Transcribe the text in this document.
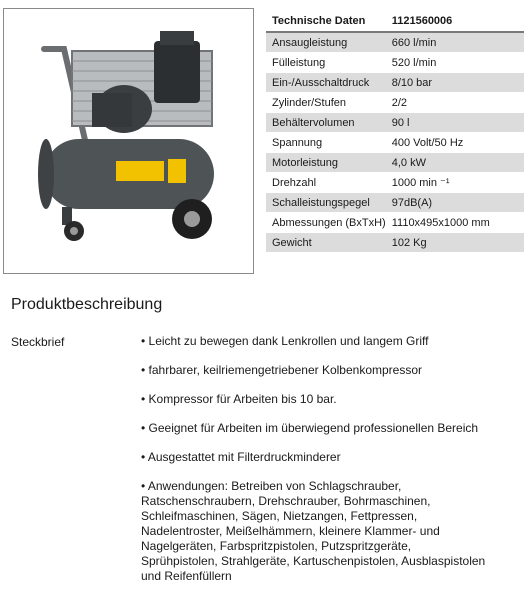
Technische Daten	1121560006
Ansaugleistung	660 l/min
Fülleistung	520 l/min
Ein-/Ausschaltdruck	8/10 bar
Zylinder/Stufen	2/2
Behältervolumen	90 l
Spannung	400 Volt/50 Hz
Motorleistung	4,0 kW
Drehzahl	1000 min ⁻¹
Schalleistungspegel	97dB(A)
Abmessungen (BxTxH)	1110x495x1000 mm
Gewicht	102 Kg
Produktbeschreibung
Steckbrief	• Leicht zu bewegen dank Lenkrollen und langem Griff
• fahrbarer, keilriemengetriebener Kolbenkompressor
• Kompressor für Arbeiten bis 10 bar.
• Geeignet für Arbeiten im überwiegend professionellen Bereich
• Ausgestattet mit Filterdruckminderer
• Anwendungen: Betreiben von Schlagschrauber, Ratschenschraubern, Drehschrauber, Bohrmaschinen, Schleifmaschinen, Sägen, Nietzangen, Fettpressen, Nadelentroster, Meißelhämmern, kleinere Klammer- und Nagelgeräten, Farbspritzpistolen, Putzspritzgeräte, Sprühpistolen, Strahlgeräte, Kartuschenpistolen, Ausblaspistolen und Reifenfüllern
